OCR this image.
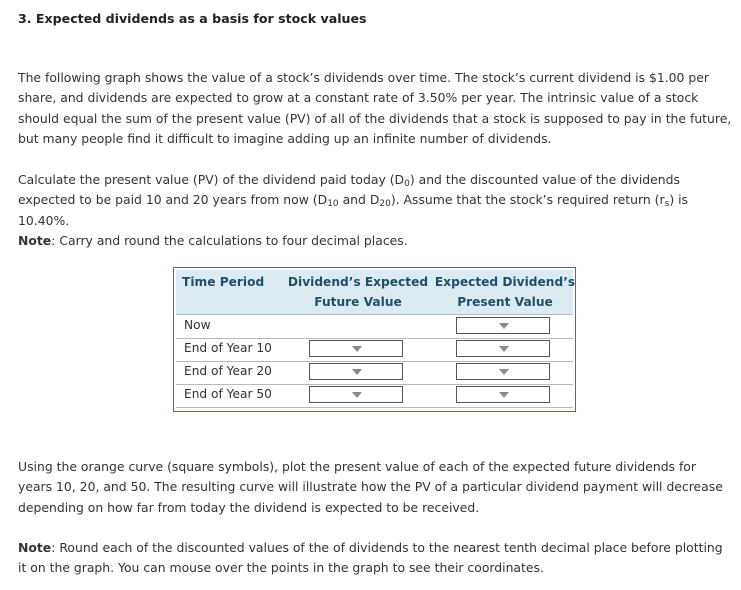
3. Expected dividends as a basis for stock values

The following graph shows the value of a stock’s dividends over time. The stock’s current dividend is $1.00 per share, and dividends are expected to grow at a constant rate of 3.50% per year. The intrinsic value of a stock should equal the sum of the present value (PV) of all of the dividends that a stock is supposed to pay in the future, but many people find it difficult to imagine adding up an infinite number of dividends.

Calculate the present value (PV) of the dividend paid today $(D_0)$ and the discounted value of the dividends expected to be paid 10 and 20 years from now ($D_{10}$ and $D_{20}$). Assume that the stock’s required return $(r_s)$ is 10.40%.

Note: Carry and round the calculations to four decimal places.

Time Period Dividend’s Expected
Future Value
Expected Dividend’s
Present Value
Now
End of Year 10
End of Year 20
End of Year 50

Using the orange curve (square symbols), plot the present value of each of the expected future dividends for years 10, 20, and 50. The resulting curve will illustrate how the PV of a particular dividend payment will decrease depending on how far from today the dividend is expected to be received.

Note: Round each of the discounted values of the of dividends to the nearest tenth decimal place before plotting it on the graph. You can mouse over the points in the graph to see their coordinates.
